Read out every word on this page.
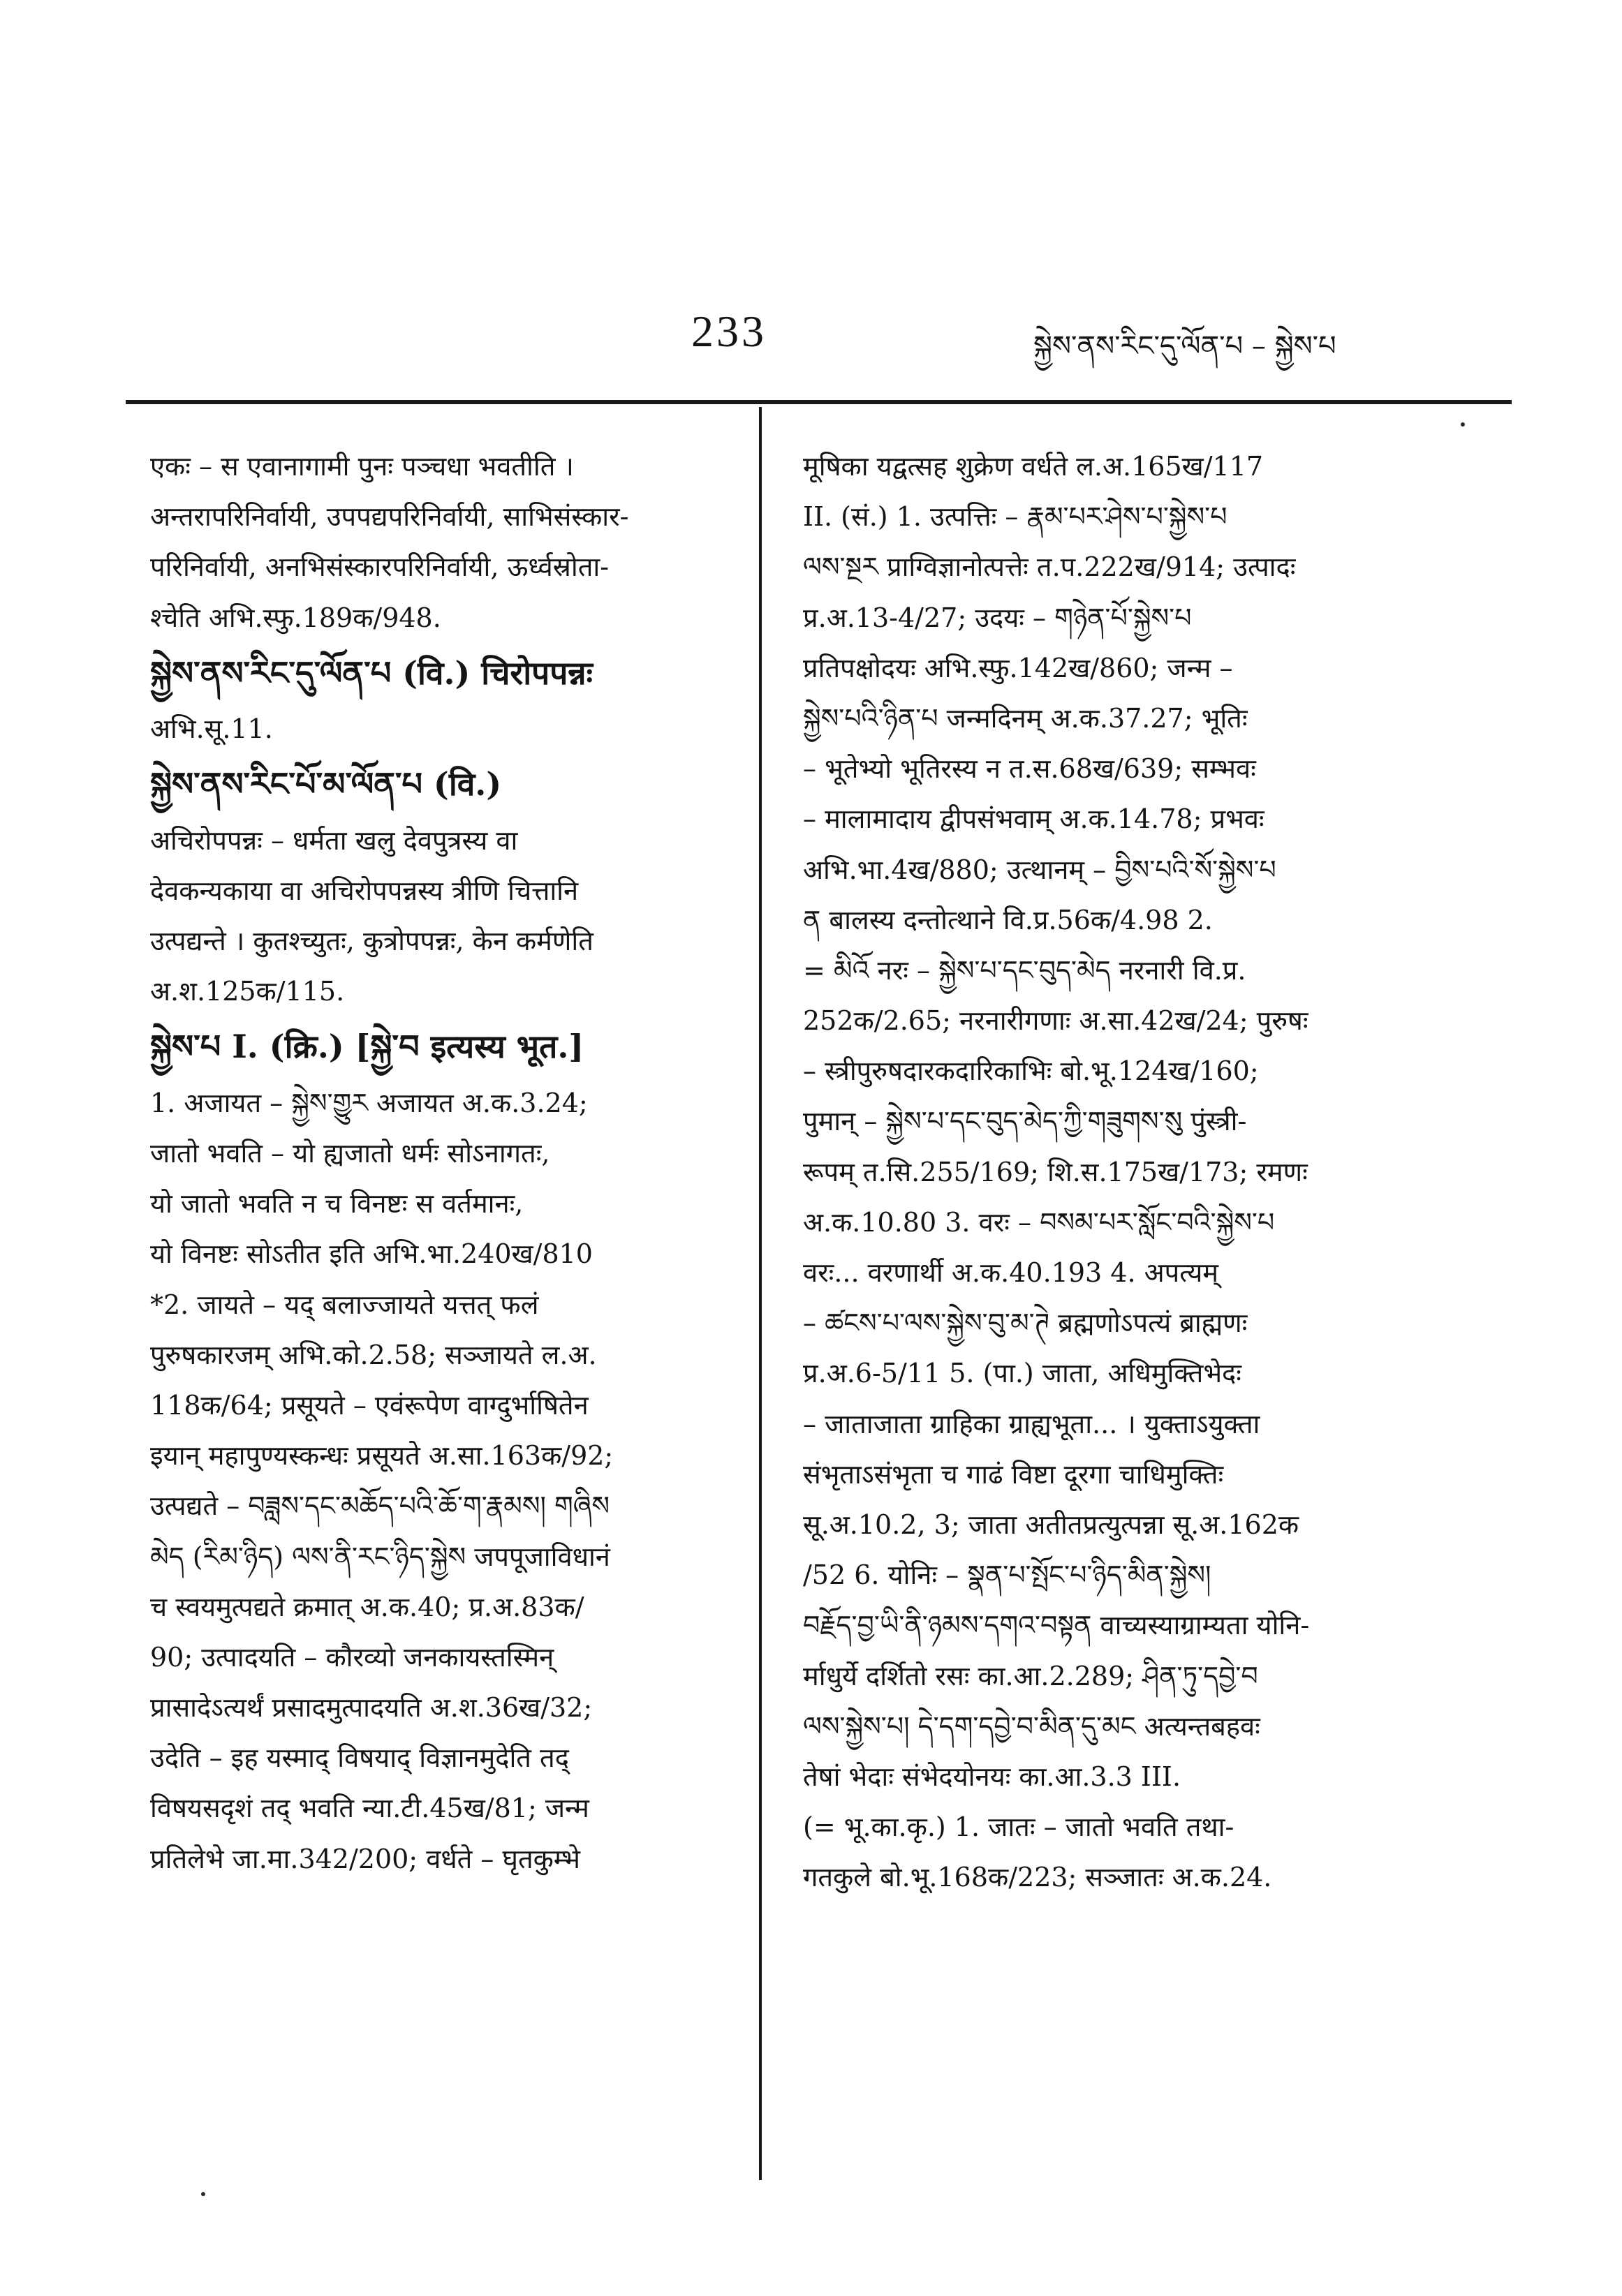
233	སྐྱེས་ནས་རིང་དུ་ལོན་པ – སྐྱེས་པ
एकः – स एवानागामी पुनः पञ्चधा भवतीति ।
अन्तरापरिनिर्वायी, उपपद्यपरिनिर्वायी, साभिसंस्कार-
परिनिर्वायी, अनभिसंस्कारपरिनिर्वायी, ऊर्ध्वस्रोता-
श्चेति अभि.स्फु.189क/948.
སྐྱེས་ནས་རིང་དུ་ལོན་པ (वि.) चिरोपपन्नः
अभि.सू.11.
སྐྱེས་ནས་རིང་པོ་མ་ལོན་པ (वि.)
अचिरोपपन्नः – धर्मता खलु देवपुत्रस्य वा
देवकन्यकाया वा अचिरोपपन्नस्य त्रीणि चित्तानि
उत्पद्यन्ते । कुतश्च्युतः, कुत्रोपपन्नः, केन कर्मणेति
अ.श.125क/115.
སྐྱེས་པ I. (क्रि.) [སྐྱེ་བ इत्यस्य भूत.]
1. अजायत – སྐྱེས་གྱུར अजायत अ.क.3.24;
जातो भवति – यो ह्यजातो धर्मः सोऽनागतः,
यो जातो भवति न च विनष्टः स वर्तमानः,
यो विनष्टः सोऽतीत इति अभि.भा.240ख/810
*2. जायते – यद् बलाज्जायते यत्तत् फलं
पुरुषकारजम् अभि.को.2.58; सञ्जायते ल.अ.
118क/64; प्रसूयते – एवंरूपेण वाग्दुर्भाषितेन
इयान् महापुण्यस्कन्धः प्रसूयते अ.सा.163क/92;
उत्पद्यते – བཟླས་དང་མཆོད་པའི་ཆོ་ག་རྣམས། གཞིས
མེད (རིམ་ཉིད) ལས་ནི་རང་ཉིད་སྐྱེས जपपूजाविधानं
च स्वयमुत्पद्यते क्रमात् अ.क.40; प्र.अ.83क/
90; उत्पादयति – कौरव्यो जनकायस्तस्मिन्
प्रासादेऽत्यर्थं प्रसादमुत्पादयति अ.श.36ख/32;
उदेति – इह यस्माद् विषयाद् विज्ञानमुदेति तद्
विषयसदृशं तद् भवति न्या.टी.45ख/81; जन्म
प्रतिलेभे जा.मा.342/200; वर्धते – घृतकुम्भे
मूषिका यद्वत्सह शुक्रेण वर्धते ल.अ.165ख/117
II. (सं.) 1. उत्पत्तिः – རྣམ་པར་ཤེས་པ་སྐྱེས་པ
ལས་སྔར प्राग्विज्ञानोत्पत्तेः त.प.222ख/914; उत्पादः
प्र.अ.13-4/27; उदयः – གཉེན་པོ་སྐྱེས་པ
प्रतिपक्षोदयः अभि.स्फु.142ख/860; जन्म –
སྐྱེས་པའི་ཉིན་པ जन्मदिनम् अ.क.37.27; भूतिः
– भूतेभ्यो भूतिरस्य न त.स.68ख/639; सम्भवः
– मालामादाय द्वीपसंभवाम् अ.क.14.78; प्रभवः
अभि.भा.4ख/880; उत्थानम् – བྱིས་པའི་སོ་སྐྱེས་པ
ན बालस्य दन्तोत्थाने वि.प्र.56क/4.98 2.
= མིའོ नरः – སྐྱེས་པ་དང་བུད་མེད नरनारी वि.प्र.
252क/2.65; नरनारीगणाः अ.सा.42ख/24; पुरुषः
– स्त्रीपुरुषदारकदारिकाभिः बो.भू.124ख/160;
पुमान् – སྐྱེས་པ་དང་བུད་མེད་ཀྱི་གཟུགས་སུ पुंस्त्री-
रूपम् त.सि.255/169; शि.स.175ख/173; रमणः
अ.क.10.80 3. वरः – བསམ་པར་སློང་བའི་སྐྱེས་པ
वरः... वरणार्थी अ.क.40.193 4. अपत्यम्
– ཚངས་པ་ལས་སྐྱེས་བུ་མ་ཊེ ब्रह्मणोऽपत्यं ब्राह्मणः
प्र.अ.6-5/11 5. (पा.) जाता, अधिमुक्तिभेदः
– जाताजाता ग्राहिका ग्राह्यभूता... । युक्ताऽयुक्ता
संभृताऽसंभृता च गाढं विष्टा दूरगा चाधिमुक्तिः
सू.अ.10.2, 3; जाता अतीतप्रत्युत्पन्ना सू.अ.162क
/52 6. योनिः – སྣན་པ་སྤོང་པ་ཉིད་མིན་སྐྱེས།
བརྗོད་བྱ་ཡི་ནི་ཉམས་དགའ་བསྟན वाच्यस्याग्राम्यता योनि-
र्माधुर्ये दर्शितो रसः का.आ.2.289; ཤིན་ཏུ་དབྱེ་བ
ལས་སྐྱེས་པ། དེ་དག་དབྱེ་བ་མིན་དུ་མང अत्यन्तबहवः
तेषां भेदाः संभेदयोनयः का.आ.3.3 III.
(= भू.का.कृ.) 1. जातः – जातो भवति तथा-
गतकुले बो.भू.168क/223; सञ्जातः अ.क.24.
